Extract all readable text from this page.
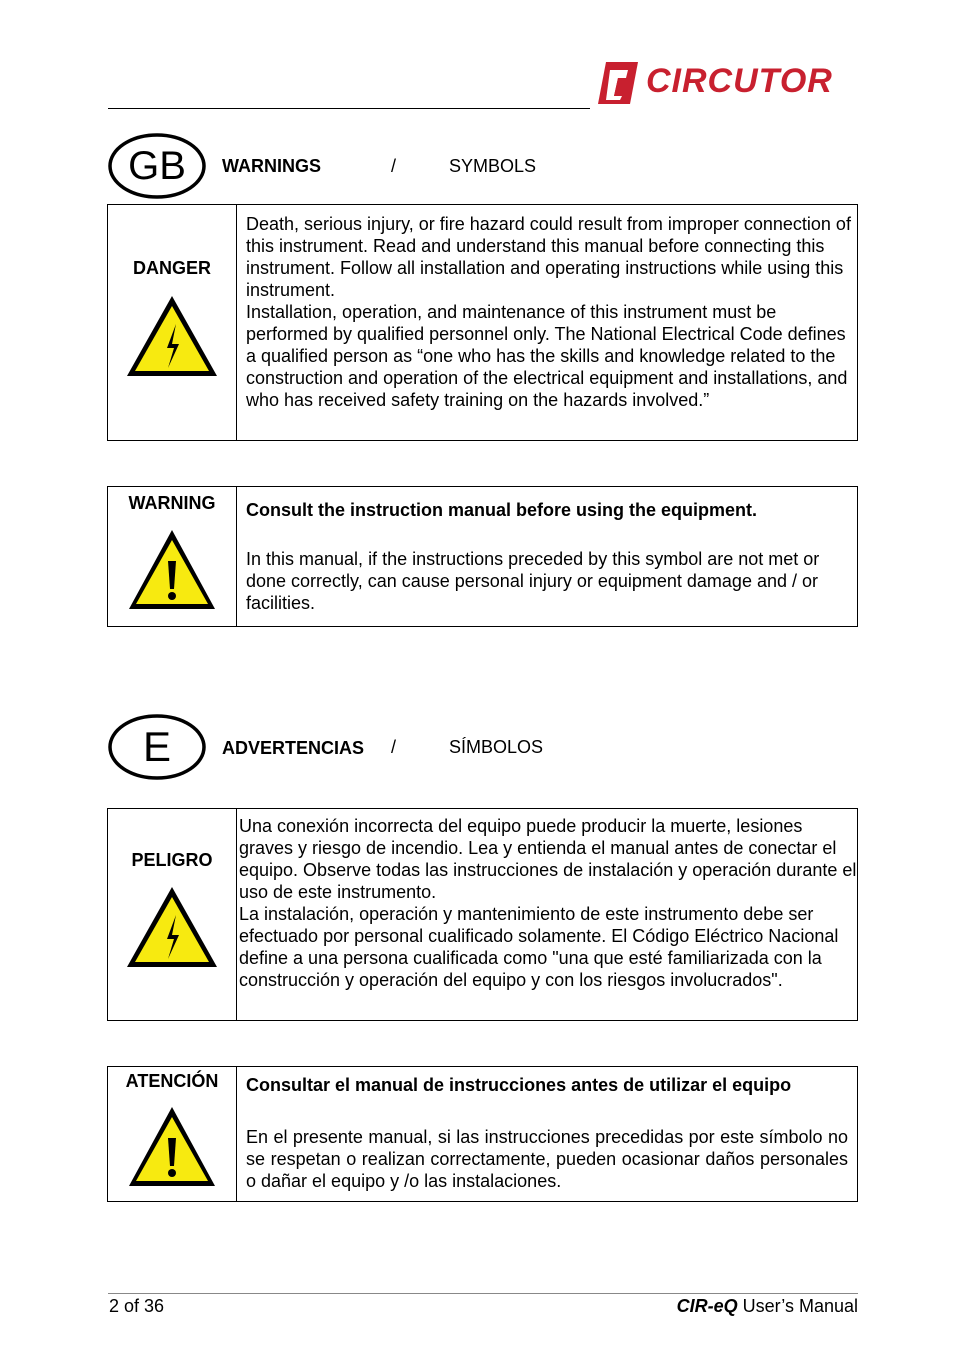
CIRCUTOR
GB WARNINGS	/	SYMBOLS
DANGER

Death, serious injury, or fire hazard could result from improper connection of this instrument. Read and understand this manual before connecting this instrument. Follow all installation and operating instructions while using this instrument.
Installation, operation, and maintenance of this instrument must be performed by qualified personnel only. The National Electrical Code defines a qualified person as “one who has the skills and knowledge related to the construction and operation of the electrical equipment and installations, and who has received safety training on the hazards involved.”
WARNING	Consult the instruction manual before using the equipment.
In this manual, if the instructions preceded by this symbol are not met or done correctly, can cause personal injury or equipment damage and / or facilities.
E	ADVERTENCIAS /	SÍMBOLOS
PELIGRO

Una conexión incorrecta del equipo puede producir la muerte, lesiones graves y riesgo de incendio. Lea y entienda el manual antes de conectar el equipo. Observe todas las instrucciones de instalación y operación durante el uso de este instrumento.
La instalación, operación y mantenimiento de este instrumento debe ser efectuado por personal cualificado solamente. El Código Eléctrico Nacional define a una persona cualificada como "una que esté familiarizada con la construcción y operación del equipo y con los riesgos involucrados".
ATENCIÓN	Consultar el manual de instrucciones antes de utilizar el equipo
En el presente manual, si las instrucciones precedidas por este símbolo no se respetan o realizan correctamente, pueden ocasionar daños personales o dañar el equipo y /o las instalaciones.
2 of 36	CIR-eQ User’s Manual
